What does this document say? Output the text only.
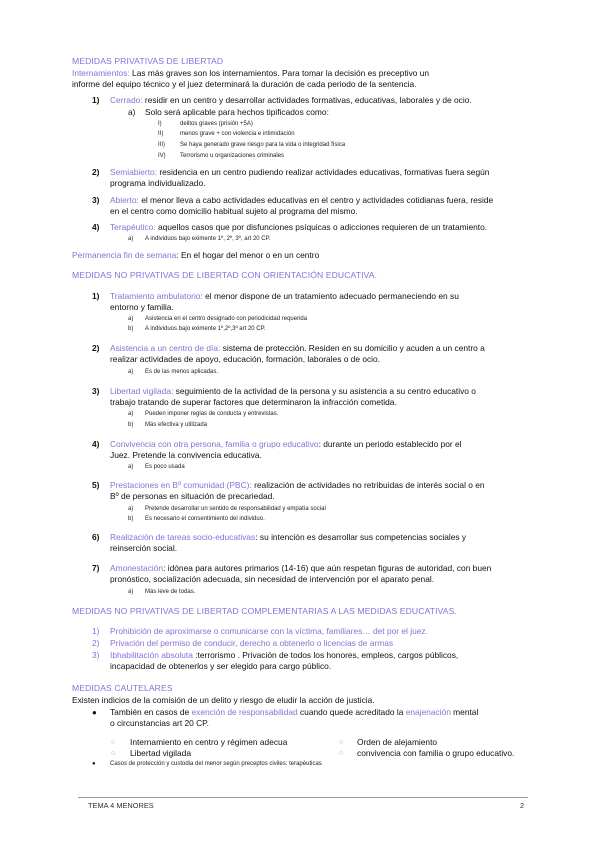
MEDIDAS PRIVATIVAS DE LIBERTAD
Internamientos: Las más graves son los internamientos. Para tomar la decisión es preceptivo un
informe del equipo técnico y el juez determinará la duración de cada periodo de la sentencia.
1) Cerrado: residir en un centro y desarrollar actividades formativas, educativas, laborales y de ocio.
a) Solo será aplicable para hechos tipificados como:
I)	delitos graves (prisión +5A)
II)	menos grave + con violencia e intimidación
III)	Se haya generado grave riesgo para la vida o integridad física
IV) Terrorismo u organizaciones criminales
2) Semiabierto: residencia en un centro pudiendo realizar actividades educativas, formativas fuera según
programa individualizado.
3) Abierto: el menor lleva a cabo actividades educativas en el centro y actividades cotidianas fuera, reside
en el centro como domicilio habitual sujeto al programa del mismo.
4) Terapéutico: aquellos casos que por disfunciones psíquicas o adicciones requieren de un tratamiento.
a) A individuos bajo eximente 1º, 2º, 3º, art 20 CP.
Permanencia fin de semana: En el hogar del menor o en un centro
MEDIDAS NO PRIVATIVAS DE LIBERTAD CON ORIENTACIÓN EDUCATIVA.
1) Tratamiento ambulatorio: el menor dispone de un tratamiento adecuado permaneciendo en su
entorno y familia.
a) Asistencia en el centro designado con periodicidad requerida
b) A individuos bajo eximente 1º,2º,3º art 20 CP.
2) Asistencia a un centro de día: sistema de protección. Residen en su domicilio y acuden a un centro a
realizar actividades de apoyo, educación, formación, laborales o de ocio.
a) Es de las menos aplicadas.
3) Libertad vigilada: seguimiento de la actividad de la persona y su asistencia a su centro educativo o
trabajo tratando de superar factores que determinaron la infracción cometida.
a) Pueden imponer reglas de conducta y entrevistas.
b) Más efectiva y utilizada
4) Convivencia con otra persona, familia o grupo educativo: durante un periodo establecido por el
Juez. Pretende la convivencia educativa.
a) Es poco usada
5) Prestaciones en Bº comunidad (PBC): realización de actividades no retribuidas de interés social o en
Bº de personas en situación de precariedad.
a) Pretende desarrollar un sentido de responsabilidad y empatía social
b) Es necesario el consentimiento del individuo.
6) Realización de tareas socio-educativas: su intención es desarrollar sus competencias sociales y
reinserción social.
7) Amonestación: idónea para autores primarios (14-16) que aún respetan figuras de autoridad, con buen
pronóstico, socialización adecuada, sin necesidad de intervención por el aparato penal.
a) Más leve de todas.
MEDIDAS NO PRIVATIVAS DE LIBERTAD COMPLEMENTARIAS A LAS MEDIDAS EDUCATIVAS.
1) Prohibición de aproximarse o comunicarse con la víctima, familiares… det por el juez.
2) Privación del permiso de conducir, derecho a obtenerlo o licencias de armas
3) Ibhabilitación absoluta :terrorismo . Privación de todos los honores, empleos, cargos públicos,
incapacidad de obtenerlos y ser elegido para cargo público.
MEDIDAS CAUTELARES
Existen indicios de la comisión de un delito y riesgo de eludir la acción de justicia.
● También en casos de exención de responsabilidad cuando quede acreditado la enajenación mental
o circunstancias art 20 CP.
○ Internamiento en centro y régimen adecua
○ Libertad vigilada
○ Orden de alejamiento
○ convivencia con familia o grupo educativo.
● Casos de protección y custodia del menor según preceptos civiles: terapéuticas
TEMA 4 MENORES	2
